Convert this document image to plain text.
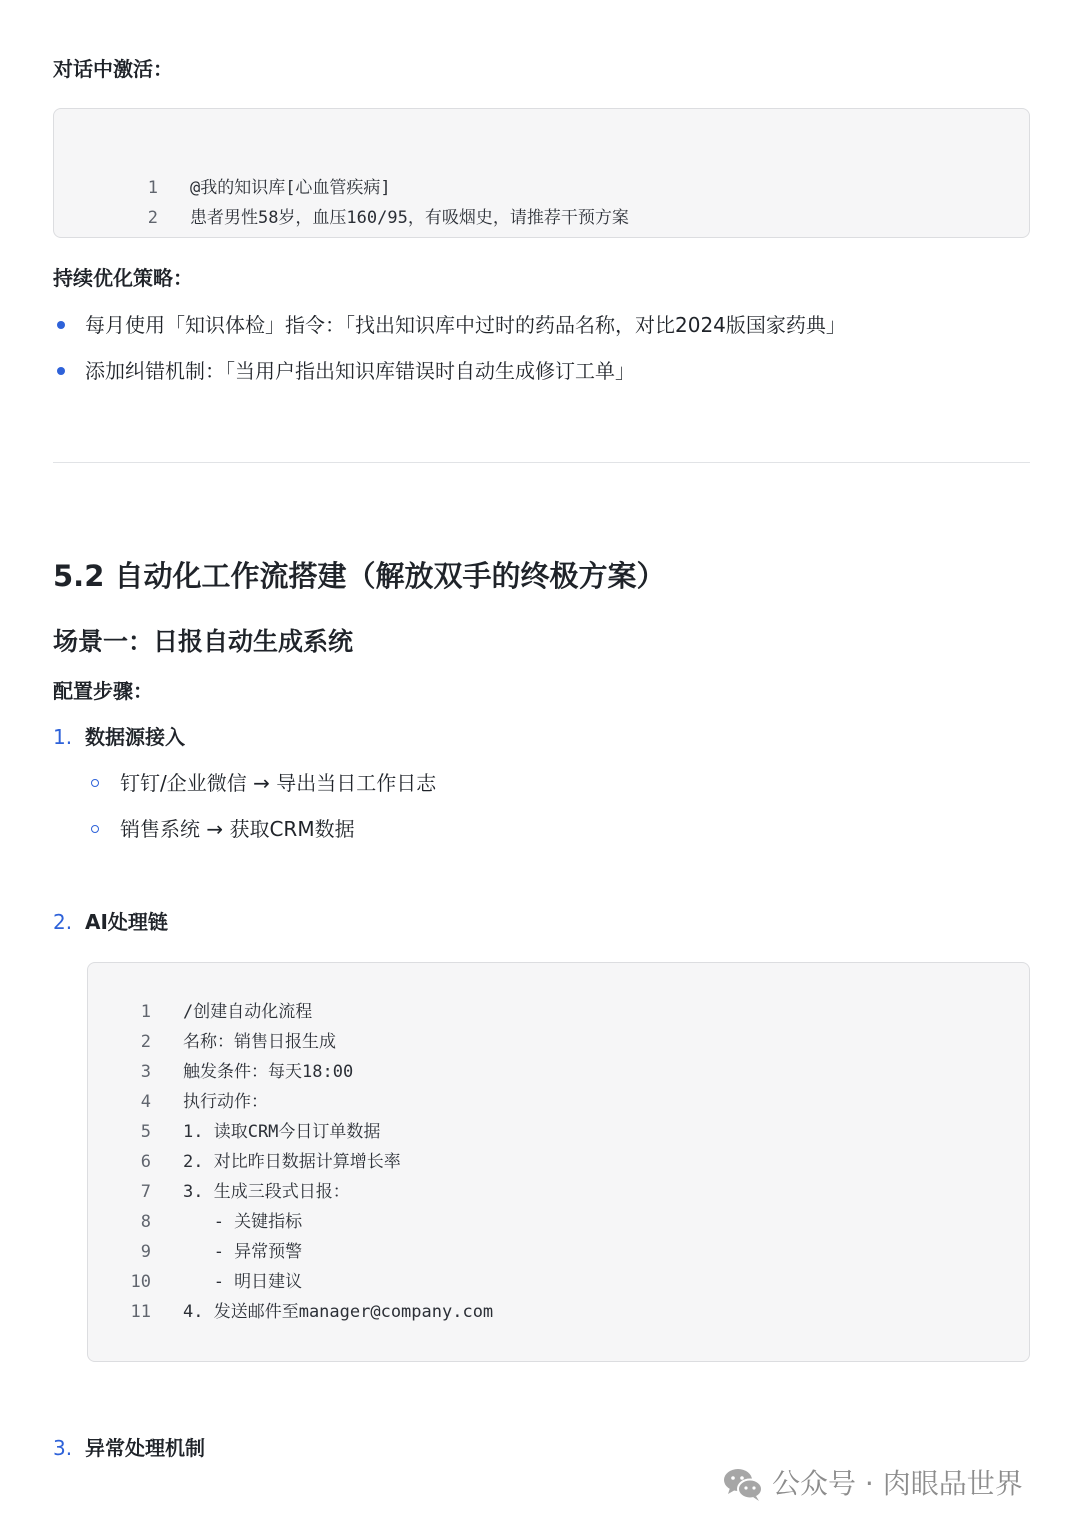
对话中激活：

1 @我的知识库[心血管疾病]

2 患者男性58岁，血压160/95，有吸烟史，请推荐干预方案

持续优化策略：
每月使用「知识体检」指令：「找出知识库中过时的药品名称，对比2024版国家药典」
添加纠错机制：「当用户指出知识库错误时自动生成修订工单」
5.2 自动化工作流搭建（解放双手的终极方案）
场景一：日报自动生成系统
配置步骤：
1. 数据源接入
钉钉/企业微信 → 导出当日工作日志
销售系统 → 获取CRM数据
2. AI处理链
1 /创建自动化流程
2 名称：销售日报生成
3 触发条件：每天18:00
4 执行动作：
5 1. 读取CRM今日订单数据
6 2. 对比昨日数据计算增长率
7 3. 生成三段式日报：
8   - 关键指标
9   - 异常预警
10   - 明日建议
11 4. 发送邮件至manager@company.com
3. 异常处理机制
公众号 · 肉眼品世界
